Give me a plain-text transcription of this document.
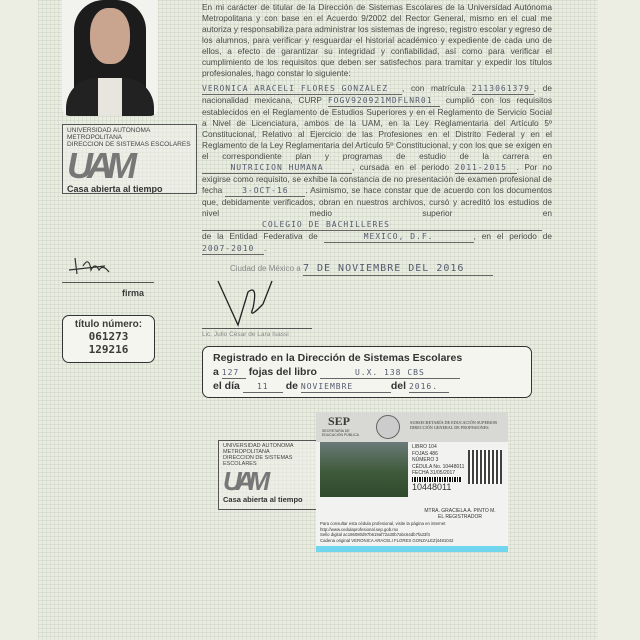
UNIVERSIDAD AUTONOMA METROPOLITANA
DIRECCION DE SISTEMAS ESCOLARES
UAM
Casa abierta al tiempo
firma
título número:
061273
129216
En mi carácter de titular de la Dirección de Sistemas Escolares de la Universidad Autónoma Metropolitana y con base en el Acuerdo 9/2002 del Rector General, mismo en el cual me autoriza y responsabiliza para administrar los sistemas de ingreso, registro escolar y egreso de los alumnos, para verificar y resguardar el historial académico y expediente de cada uno de ellos, a efecto de garantizar su integridad y confiabilidad, así como para verificar el cumplimiento de los requisitos que deben ser satisfechos para tramitar y expedir los títulos profesionales, hago constar lo siguiente:
VERONICA ARACELI FLORES GONZALEZ , con matrícula 2113061379 , de nacionalidad mexicana, CURP FOGV920921MDFLNR01 cumplió con los requisitos establecidos en el Reglamento de Estudios Superiores y en el Reglamento de Servicio Social a Nivel de Licenciatura, ambos de la UAM, en la Ley Reglamentaria del Artículo 5º Constitucional, Relativo al Ejercicio de las Profesiones en el Distrito Federal y en el Reglamento de la Ley Reglamentaria del Artículo 5º Constitucional, y con los que se exigen en el correspondiente plan y programas de estudio de la carrera en NUTRICION HUMANA	, cursada en el periodo 2011-2015 . Por no exigirse como requisito, se exhibe la constancia de no presentación de examen profesional de fecha 3-OCT-16 . Asimismo, se hace constar que de acuerdo con los documentos que, debidamente verificados, obran en nuestros archivos, cursó y acreditó los estudios de nivel medio superior en COLEGIO DE BACHILLERES de la Entidad Federativa de	MEXICO, D.F.	, en el periodo de 2007-2010 .
Ciudad de México a 7 DE NOVIEMBRE DEL 2016
Lic. Julio César de Lara Isassi
Registrado en la Dirección de Sistemas Escolares
a 127 fojas del libro	U.X. 138 CBS
el día 11 de NOVIEMBRE	del 2016.
UNIVERSIDAD AUTONOMA METROPOLITANA
DIRECCION DE SISTEMAS ESCOLARES
UAM
Casa abierta al tiempo
SEP
SECRETARÍA DE EDUCACIÓN PÚBLICA
SUBSECRETARÍA DE EDUCACIÓN SUPERIOR
DIRECCIÓN GENERAL DE PROFESIONES
LIBRO 104
FOJAS 486
NÚMERO 3
CÉDULA No. 10448011
FECHA 31/05/2017
10448011
MTRA. GRACIELA A. PINTO M.
EL REGISTRADOR
Para consultar esta cédula profesional, visite la página en internet
http://www.cedulaprofesional.sep.gob.mx
Sello digital ac186080d97b619af72a30b7abc64db7fa33f4
Cadena original VERONICA ARACELI FLORES GONZALEZ|4481042
